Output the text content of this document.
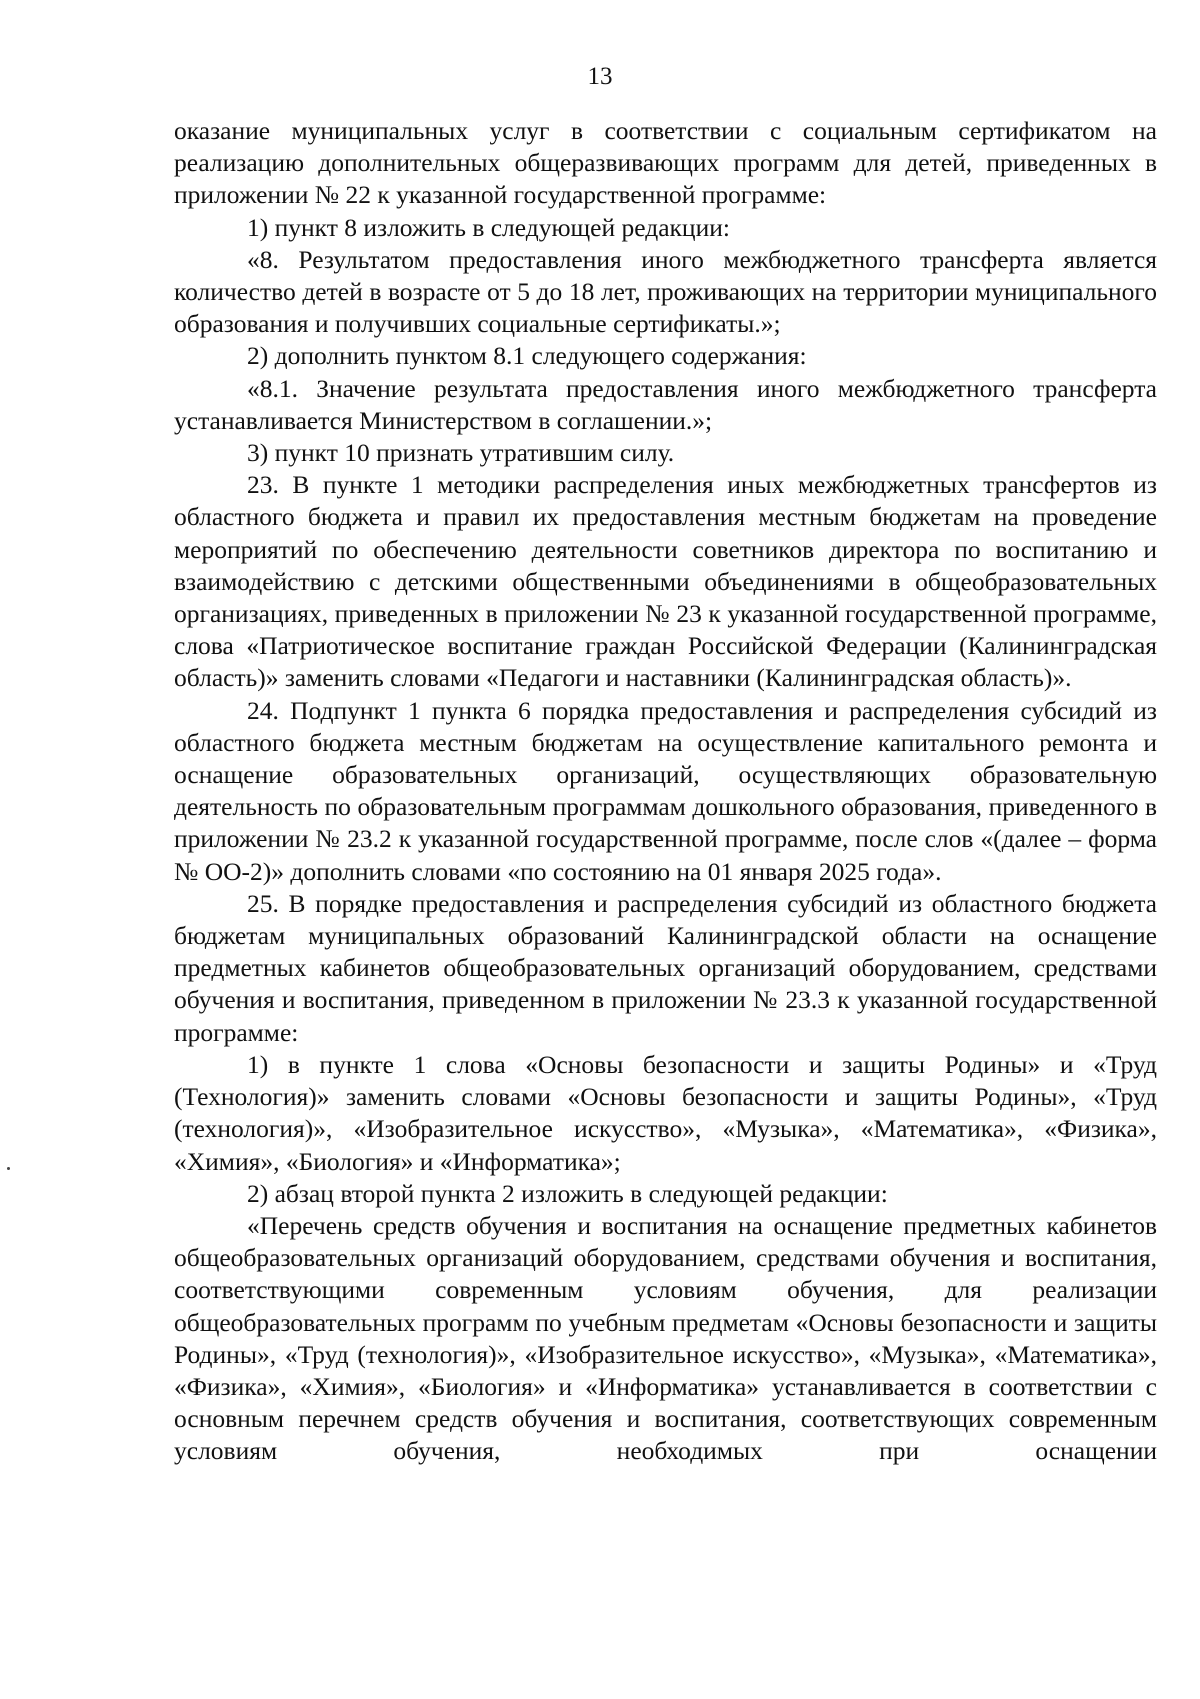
13

оказание муниципальных услуг в соответствии с социальным сертификатом на реализацию дополнительных общеразвивающих программ для детей, приведенных в приложении № 22 к указанной государственной программе:

1) пункт 8 изложить в следующей редакции:

«8. Результатом предоставления иного межбюджетного трансферта является количество детей в возрасте от 5 до 18 лет, проживающих на территории муниципального образования и получивших социальные сертификаты.»;

2) дополнить пунктом 8.1 следующего содержания:

«8.1. Значение результата предоставления иного межбюджетного трансферта устанавливается Министерством в соглашении.»;

3) пункт 10 признать утратившим силу.

23. В пункте 1 методики распределения иных межбюджетных трансфертов из областного бюджета и правил их предоставления местным бюджетам на проведение мероприятий по обеспечению деятельности советников директора по воспитанию и взаимодействию с детскими общественными объединениями в общеобразовательных организациях, приведенных в приложении № 23 к указанной государственной программе, слова «Патриотическое воспитание граждан Российской Федерации (Калининградская область)» заменить словами «Педагоги и наставники (Калининградская область)».

24. Подпункт 1 пункта 6 порядка предоставления и распределения субсидий из областного бюджета местным бюджетам на осуществление капитального ремонта и оснащение образовательных организаций, осуществляющих образовательную деятельность по образовательным программам дошкольного образования, приведенного в приложении № 23.2 к указанной государственной программе, после слов «(далее – форма № ОО-2)» дополнить словами «по состоянию на 01 января 2025 года».

25. В порядке предоставления и распределения субсидий из областного бюджета бюджетам муниципальных образований Калининградской области на оснащение предметных кабинетов общеобразовательных организаций оборудованием, средствами обучения и воспитания, приведенном в приложении № 23.3 к указанной государственной программе:

1) в пункте 1 слова «Основы безопасности и защиты Родины» и «Труд (Технология)» заменить словами «Основы безопасности и защиты Родины», «Труд (технология)», «Изобразительное искусство», «Музыка», «Математика», «Физика», «Химия», «Биология» и «Информатика»;

2) абзац второй пункта 2 изложить в следующей редакции:

«Перечень средств обучения и воспитания на оснащение предметных кабинетов общеобразовательных организаций оборудованием, средствами обучения и воспитания, соответствующими современным условиям обучения, для реализации общеобразовательных программ по учебным предметам «Основы безопасности и защиты Родины», «Труд (технология)», «Изобразительное искусство», «Музыка», «Математика», «Физика», «Химия», «Биология» и «Информатика» устанавливается в соответствии с основным перечнем средств обучения и воспитания, соответствующих современным условиям обучения, необходимых при оснащении
